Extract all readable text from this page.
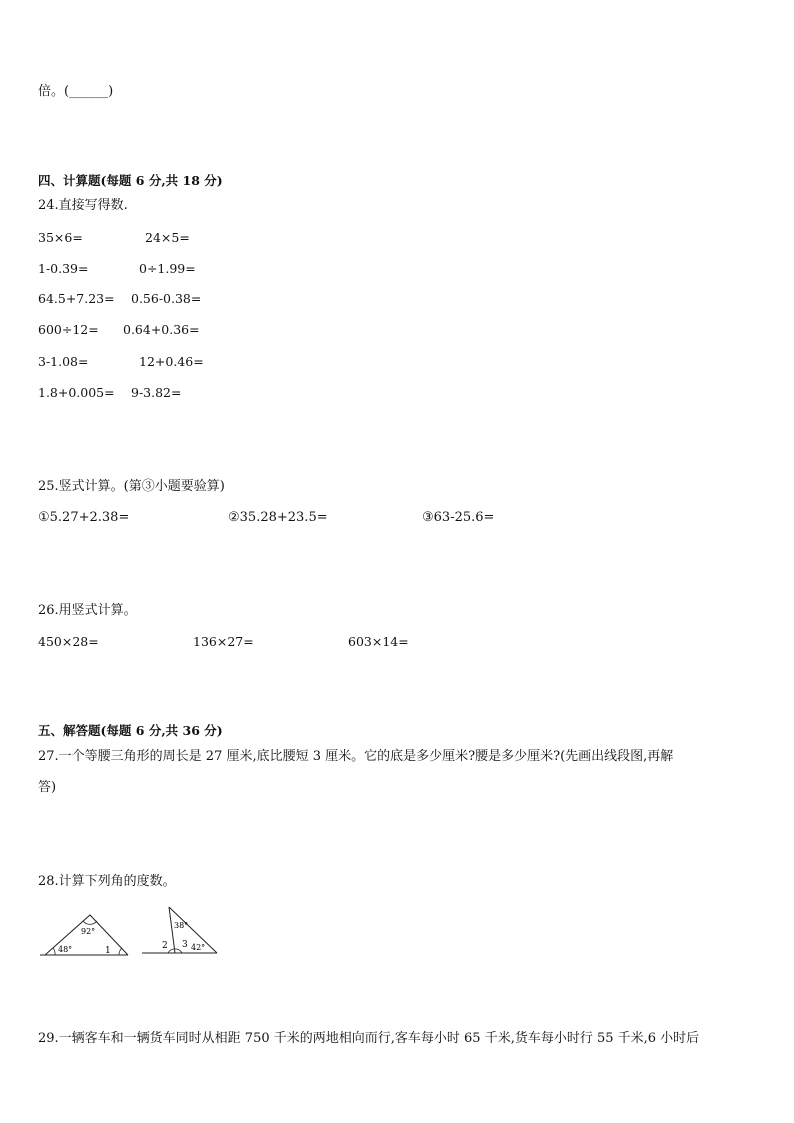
倍。(______)
四、计算题(每题 6 分,共 18 分)
24.直接写得数.
35×6=	24×5=
1-0.39=	0÷1.99=
64.5+7.23= 0.56-0.38=
600÷12= 0.64+0.36=
3-1.08=	12+0.46=
1.8+0.005= 9-3.82=
25.竖式计算。(第③小题要验算)
①5.27+2.38=	②35.28+23.5=	③63-25.6=
26.用竖式计算。
450×28=	136×27=	603×14=
五、解答题(每题 6 分,共 36 分)
27.一个等腰三角形的周长是 27 厘米,底比腰短 3 厘米。它的底是多少厘米?腰是多少厘米?(先画出线段图,再解
答)
28.计算下列角的度数。
92°
48°	1
38°
2 3 42°
29.一辆客车和一辆货车同时从相距 750 千米的两地相向而行,客车每小时 65 千米,货车每小时行 55 千米,6 小时后
